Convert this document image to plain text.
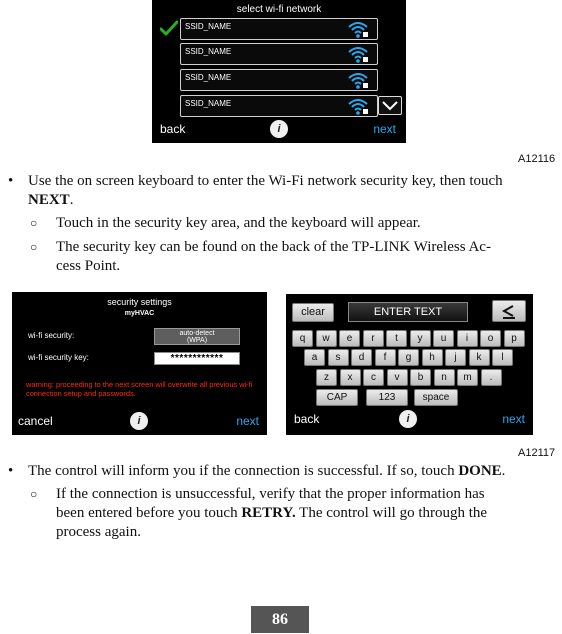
select wi-fi network
SSID_NAME
SSID_NAME
SSID_NAME
SSID_NAME
back	i	next
A12116
• Use the on screen keyboard to enter the Wi‑Fi network security key, then touch
NEXT.
○ Touch in the security key area, and the keyboard will appear.
○ The security key can be found on the back of the TP‑LINK Wireless Ac-
cess Point.
security settings
myHVAC
wi-fi security:	auto-detect
(WPA)
wi-fi security key:	************
warning: proceeding to the next screen will overwrite all previous wi-fi connection setup and passwords.
cancel	i	next
clear	ENTER TEXT
q	w	e	r	t	y	u	i	o	p
a	s	d	f	g	h	j	k	l
z	x	c	v	b	n	m	.
CAP	123	space
back	i	next
A12117
• The control will inform you if the connection is successful. If so, touch DONE.
○ If the connection is unsuccessful, verify that the proper information has
been entered before you touch RETRY. The control will go through the
process again.
86
